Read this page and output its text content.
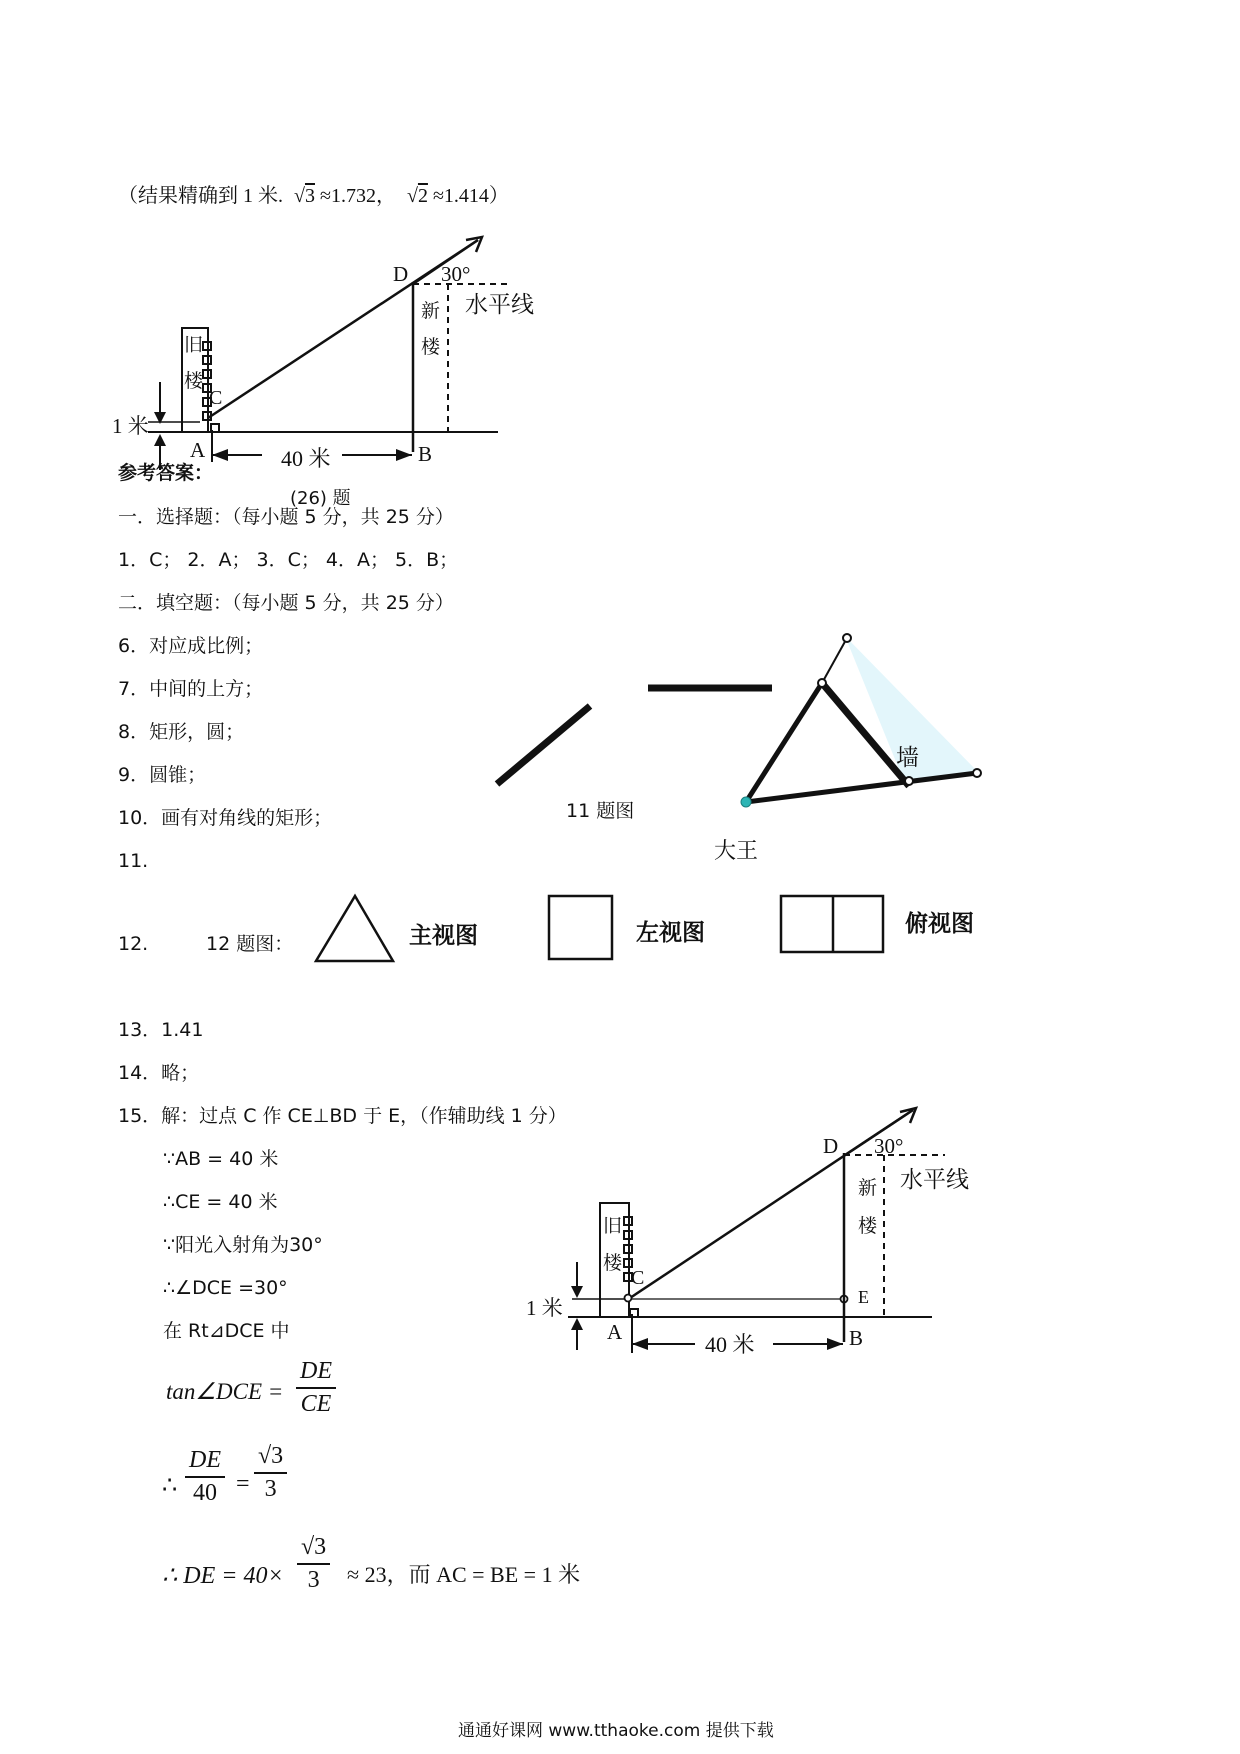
（结果精确到 1 米. √3 ≈1.732， √2 ≈1.414）
D 30°
水平线
新
楼
旧
楼
C
1 米
A	40 米	B
(26) 题
参考答案：
一．选择题：（每小题 5 分，共 25 分）
1．C； 2．A； 3．C； 4．A； 5．B；
二．填空题：（每小题 5 分，共 25 分）
6．对应成比例；
7．中间的上方；
8．矩形，圆；
9．圆锥；
10．画有对角线的矩形；
11.
墙
11 题图
大王
12.	12 题图：	主视图	左视图	俯视图
13．1.41
14．略；
15．解：过点 C 作 CE⊥BD 于 E，（作辅助线 1 分）
∵AB = 40 米
∴CE = 40 米
∵阳光入射角为30°
∴∠DCE =30°
在 Rt⊿DCE 中
tan∠DCE = $\frac{DE}{CE}$
∴ $\frac{DE}{40} = \frac{√3}{3}$
∴ DE = $40\times \frac{√3}{3} \approx 23$，而 AC = BE = 1 米
D 30°
水平线
新
楼
旧
楼
C
E
1 米
A	40 米	B
通通好课网 www.tthaoke.com 提供下载
